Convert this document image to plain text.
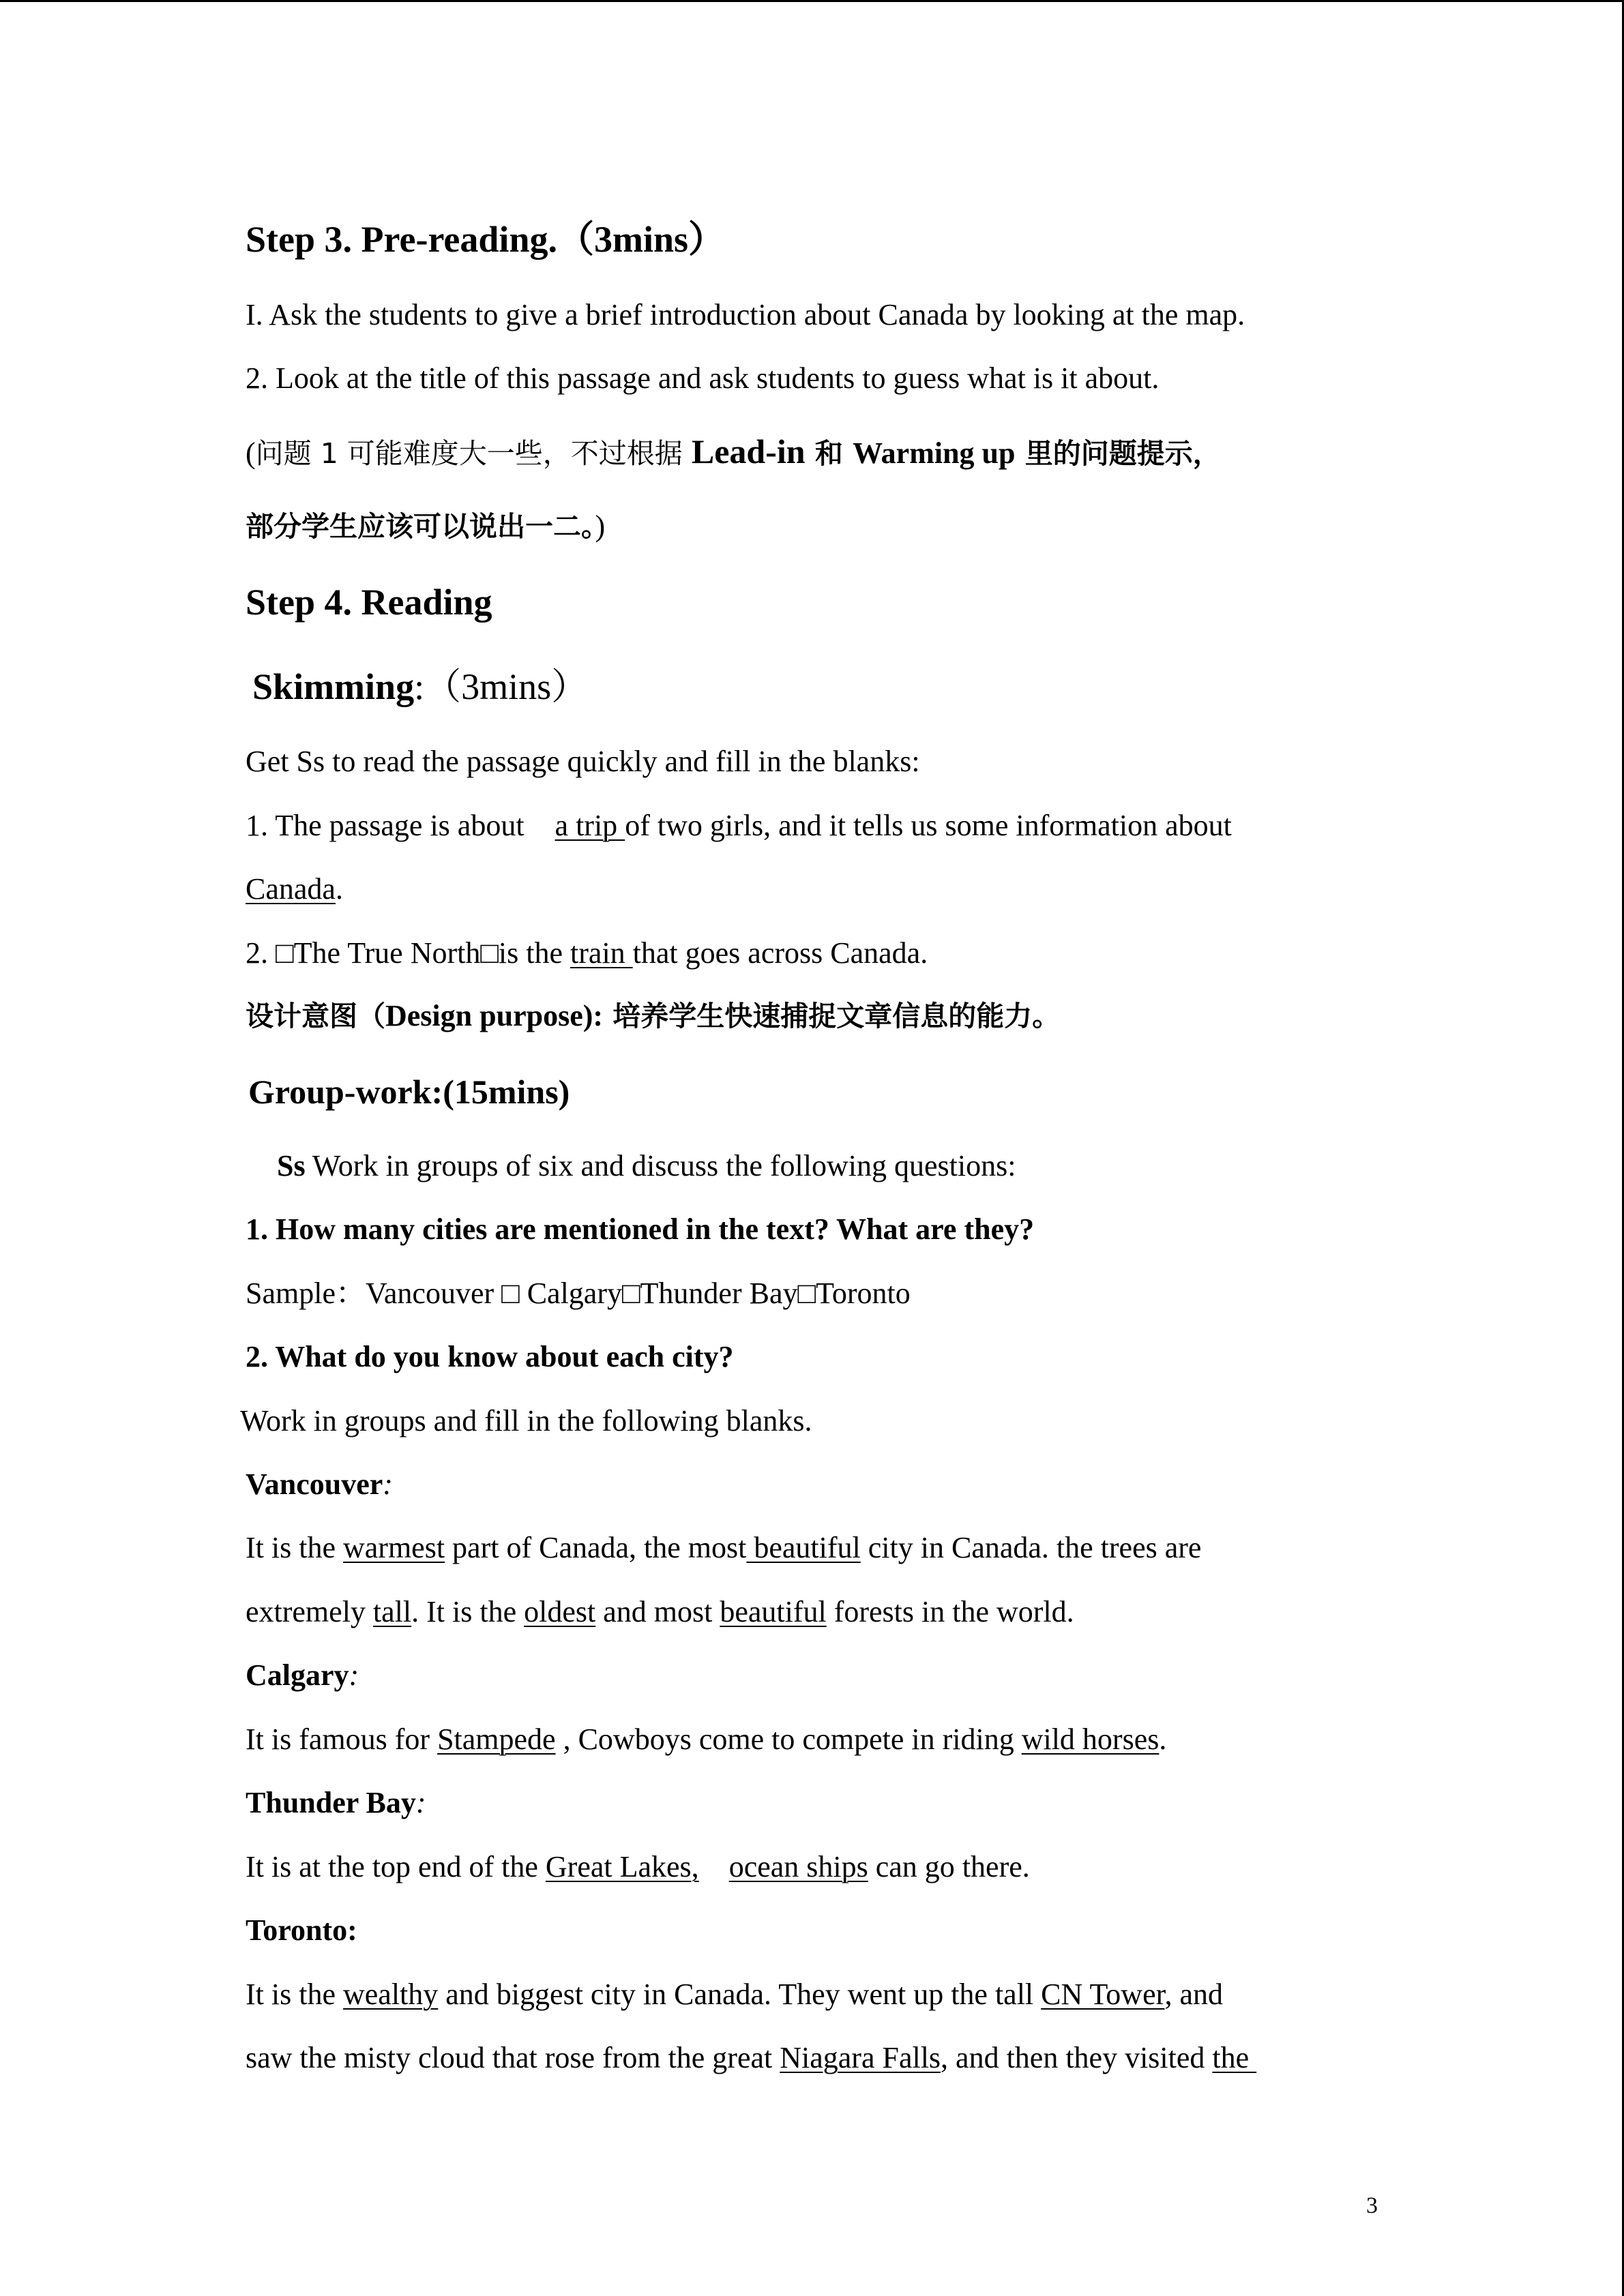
Step 3. Pre-reading.（3mins）
I. Ask the students to give a brief introduction about Canada by looking at the map.
2. Look at the title of this passage and ask students to guess what is it about.
(问题 1 可能难度大一些，不过根据 Lead-in 和 Warming up 里的问题提示，
部分学生应该可以说出一二。)
Step 4. Reading
Skimming:（3mins）
Get Ss to read the passage quickly and fill in the blanks:
1. The passage is about a trip of two girls, and it tells us some information about
Canada.
2. □The True North□is the train that goes across Canada.
设计意图（Design purpose): 培养学生快速捕捉文章信息的能力。
Group-work:(15mins)
Ss Work in groups of six and discuss the following questions:
1. How many cities are mentioned in the text? What are they?
Sample：Vancouver □ Calgary□Thunder Bay□Toronto
2. What do you know about each city?
Work in groups and fill in the following blanks.
Vancouver:
It is the warmest part of Canada, the most beautiful city in Canada. the trees are
extremely tall. It is the oldest and most beautiful forests in the world.
Calgary:
It is famous for Stampede , Cowboys come to compete in riding wild horses.
Thunder Bay:
It is at the top end of the Great Lakes, ocean ships can go there.
Toronto:
It is the wealthy and biggest city in Canada. They went up the tall CN Tower, and
saw the misty cloud that rose from the great Niagara Falls, and then they visited the
3
